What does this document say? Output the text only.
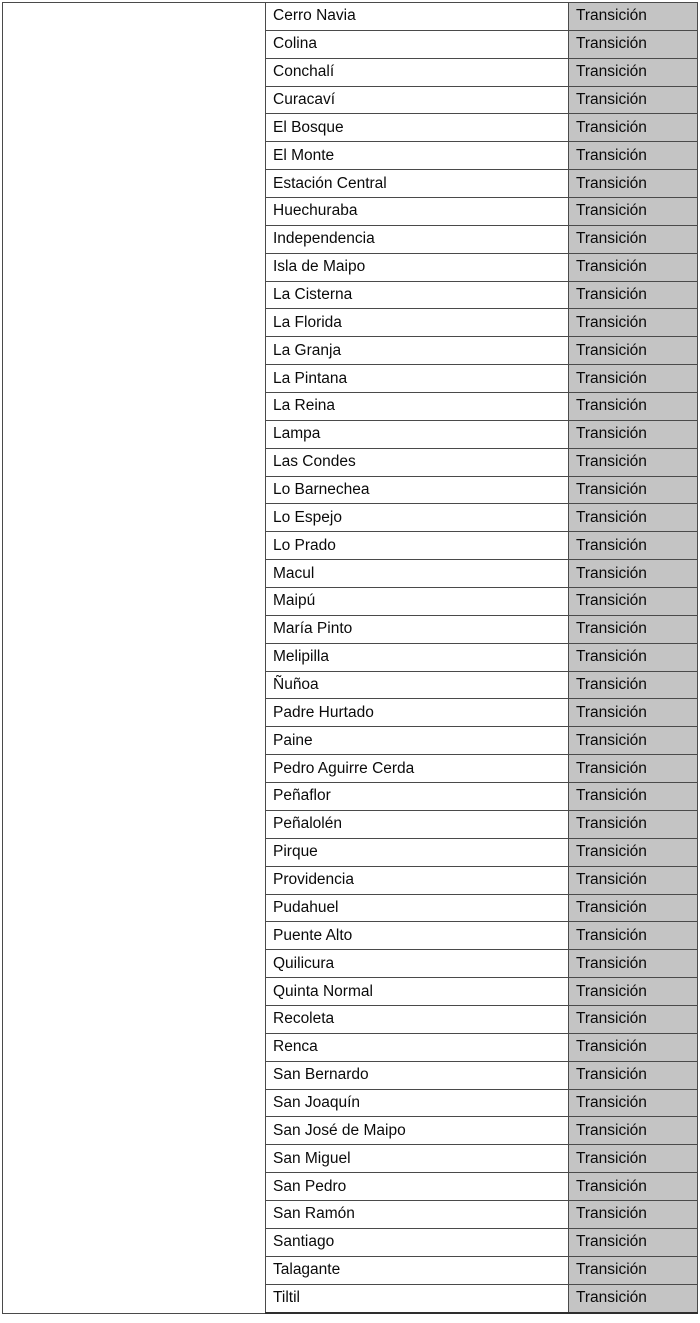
	Cerro Navia	Transición
	Colina	Transición
	Conchalí	Transición
	Curacaví	Transición
	El Bosque	Transición
	El Monte	Transición
	Estación Central	Transición
	Huechuraba	Transición
	Independencia	Transición
	Isla de Maipo	Transición
	La Cisterna	Transición
	La Florida	Transición
	La Granja	Transición
	La Pintana	Transición
	La Reina	Transición
	Lampa	Transición
	Las Condes	Transición
	Lo Barnechea	Transición
	Lo Espejo	Transición
	Lo Prado	Transición
	Macul	Transición
	Maipú	Transición
	María Pinto	Transición
	Melipilla	Transición
	Ñuñoa	Transición
	Padre Hurtado	Transición
	Paine	Transición
	Pedro Aguirre Cerda	Transición
	Peñaflor	Transición
	Peñalolén	Transición
	Pirque	Transición
	Providencia	Transición
	Pudahuel	Transición
	Puente Alto	Transición
	Quilicura	Transición
	Quinta Normal	Transición
	Recoleta	Transición
	Renca	Transición
	San Bernardo	Transición
	San Joaquín	Transición
	San José de Maipo	Transición
	San Miguel	Transición
	San Pedro	Transición
	San Ramón	Transición
	Santiago	Transición
	Talagante	Transición
	Tiltil	Transición
